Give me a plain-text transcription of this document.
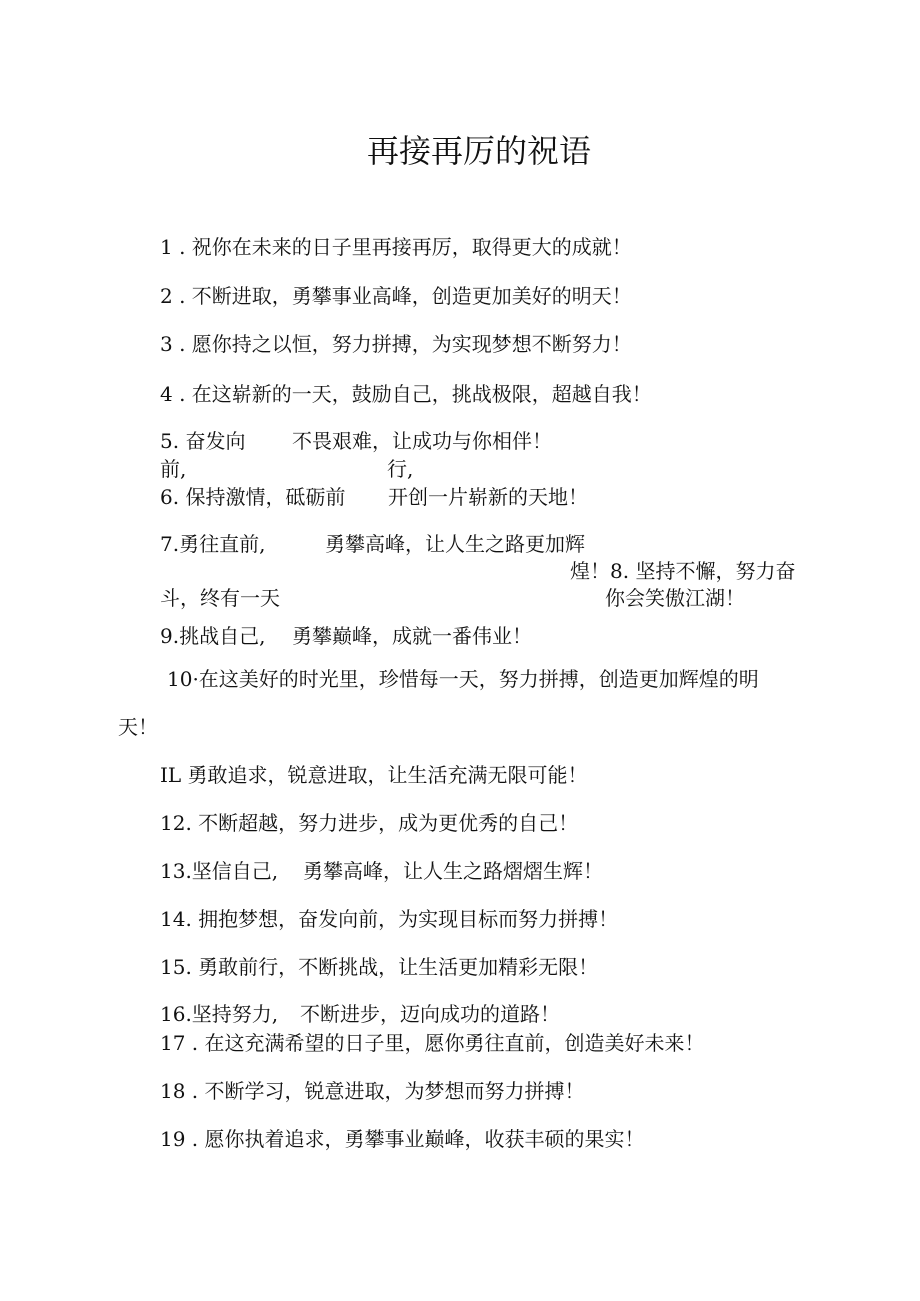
再接再厉的祝语
1 . 祝你在未来的日子里再接再厉，取得更大的成就！
2 . 不断进取，勇攀事业高峰，创造更加美好的明天！
3 . 愿你持之以恒，努力拼搏，为实现梦想不断努力！
4 . 在这崭新的一天，鼓励自己，挑战极限，超越自我！
5. 奋发向 不畏艰难，让成功与你相伴！
前,	行,
6. 保持激情，砥砺前 开创一片崭新的天地！
7.勇往直前,	勇攀高峰，让人生之路更加辉
煌！8. 坚持不懈，努力奋
斗，终有一天	你会笑傲江湖！
9.挑战自己, 勇攀巅峰，成就一番伟业！
10·在这美好的时光里，珍惜每一天，努力拼搏，创造更加辉煌的明
天！
IL 勇敢追求，锐意进取，让生活充满无限可能！
12. 不断超越，努力进步，成为更优秀的自己！
13.坚信自己, 勇攀高峰，让人生之路熠熠生辉！
14. 拥抱梦想，奋发向前，为实现目标而努力拼搏！
15. 勇敢前行，不断挑战，让生活更加精彩无限！
16.坚持努力, 不断进步，迈向成功的道路！
17 . 在这充满希望的日子里，愿你勇往直前，创造美好未来！
18 . 不断学习，锐意进取，为梦想而努力拼搏！
19 . 愿你执着追求，勇攀事业巅峰，收获丰硕的果实！
